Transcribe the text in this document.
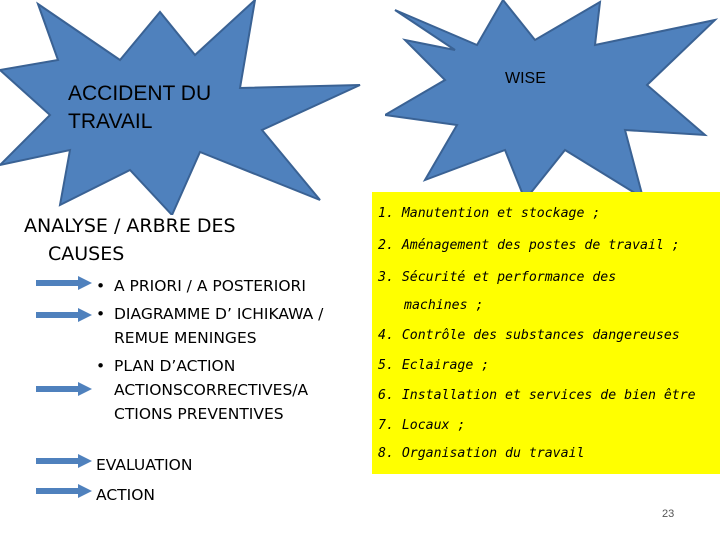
ACCIDENT DU
TRAVAIL
WISE
ANALYSE / ARBRE DES
CAUSES
• A PRIORI / A POSTERIORI
• DIAGRAMME D’ ICHIKAWA / REMUE MENINGES
• PLAN D’ACTION ACTIONSCORRECTIVES/A CTIONS PREVENTIVES
EVALUATION
ACTION
1. Manutention et stockage ;
2. Aménagement des postes de travail ;
3. Sécurité et performance des
machines ;
4. Contrôle des substances dangereuses
5. Eclairage ;
6. Installation et services de bien être
7. Locaux ;
8. Organisation du travail
23
